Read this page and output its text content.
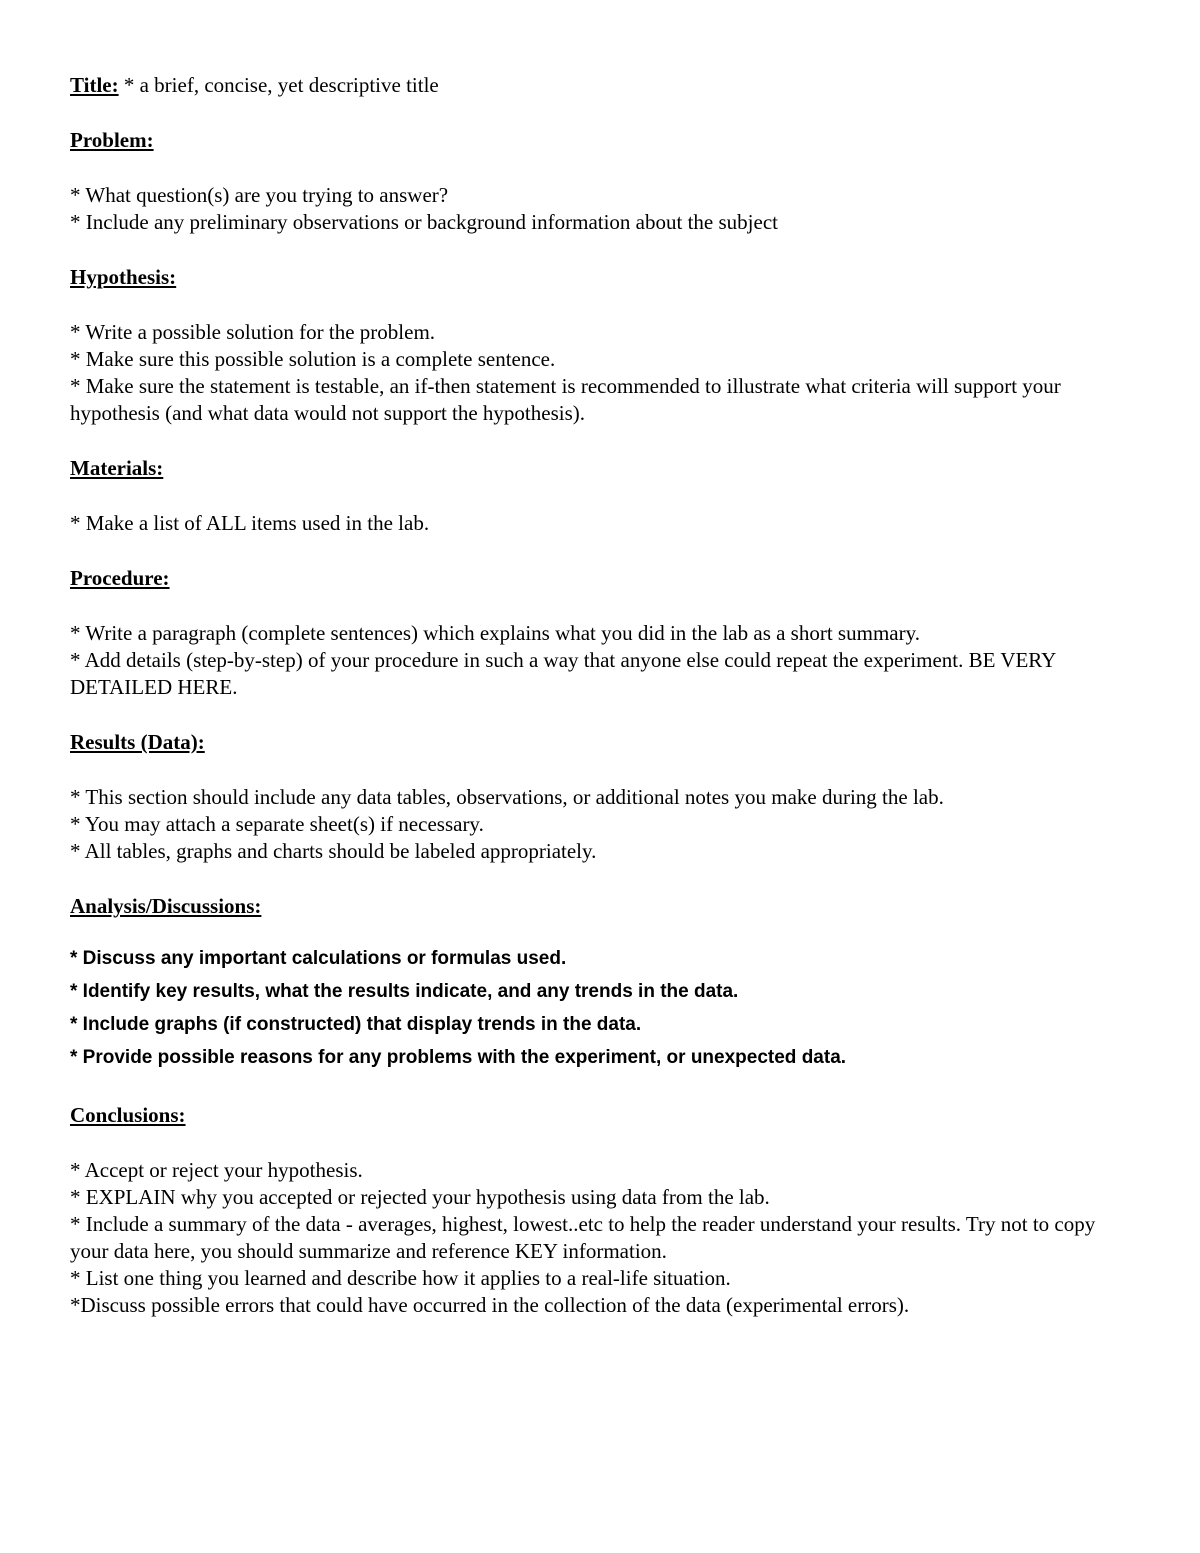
Title: * a brief, concise, yet descriptive title

Problem:

* What question(s) are you trying to answer?

* Include any preliminary observations or background information about the subject

Hypothesis:

* Write a possible solution for the problem.

* Make sure this possible solution is a complete sentence.

* Make sure the statement is testable, an if-then statement is recommended to illustrate what criteria will support your hypothesis (and what data would not support the hypothesis).

Materials:

* Make a list of ALL items used in the lab.

Procedure:

* Write a paragraph (complete sentences) which explains what you did in the lab as a short summary.

* Add details (step-by-step) of your procedure in such a way that anyone else could repeat the experiment. BE VERY DETAILED HERE.

Results (Data):

* This section should include any data tables, observations, or additional notes you make during the lab.

* You may attach a separate sheet(s) if necessary.

* All tables, graphs and charts should be labeled appropriately.

Analysis/Discussions:

* Discuss any important calculations or formulas used.

* Identify key results, what the results indicate, and any trends in the data.

* Include graphs (if constructed) that display trends in the data.

* Provide possible reasons for any problems with the experiment, or unexpected data.

Conclusions:

* Accept or reject your hypothesis.

* EXPLAIN why you accepted or rejected your hypothesis using data from the lab.

* Include a summary of the data - averages, highest, lowest..etc to help the reader understand your results. Try not to copy your data here, you should summarize and reference KEY information.

* List one thing you learned and describe how it applies to a real-life situation.

*Discuss possible errors that could have occurred in the collection of the data (experimental errors).
